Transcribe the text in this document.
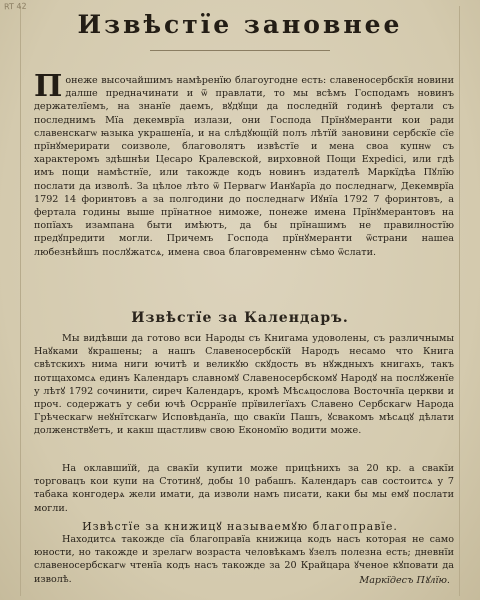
RT 42
Извѣстїе зановнее
Понеже высочайшимъ намѣренїю благоугодне есть: славеносербскїя новини далше предначинати и ѿ правлати, то мы всѣмъ Господамъ новинъ держателїемъ, на знанїе даемъ, вꙋдꙋщи да последнїй годинѣ фертали съ последнимъ Мїа декемврїа излази, они Господа Прїнꙋмеранти кои ради славенскагѡ ꙗзыка украшенїа, и на слѣдꙋющїй полъ лѣтїй зановини сербскїе сїе прїнꙋмерирати соизволе, благоволятъ извѣстїе и мена своа купнѡ съ характеромъ здѣшнѣи Цесаро Кралевской, вирховной Пощи Expedici, или гдѣ имъ пощи намѣстнїе, или такожде кодъ новинъ издателѣ Маркїдѣа Пꙋлїю послати да изволѣ. За цѣлое лѣто ѿ Первагѡ Ианꙋарїа до последнагѡ, Декемврїа 1792 14 форинтовъ а за полгодини до последнагѡ Иꙋнїа 1792 7 форинтовъ, а фертала годины выше прїнатное ниможе, понеже имена Прїнꙋмерантовъ на попїахъ изампана быти имѣютъ, да бы прїнашимъ не правилностїю предꙋпредити могли. Причемъ Господа прїнꙋмеранти ѿстрани нашеа любезнѣйшъ послꙋжатсѧ, имена своа благовременнѡ сѣмо ѿслати.
Извѣстїе за Календаръ.
Мы видѣвши да готово вси Народы съ Книгама удоволены, съ различнымы Наꙋками ꙋкрашены; а нашъ Славеносербскїй Народъ несамо что Книга свѣтскихъ нима ниги ючитѣ и великꙋю скꙋдость въ нꙋждныхъ книгахъ, такъ потщахомсѧ единъ Календаръ славномꙋ Славеносербскомꙋ Народꙋ на послꙋженїе у лѣтꙋ 1792 сочинити, сиреч Календаръ, кромѣ Мѣсѧцослова Восточнїа церкви и проч. содержатъ у себи ючѣ Осрранїе прївилегїахъ Славено Сербскагѡ Народа Грѣческагѡ неꙋнїтскагѡ Исповѣданїа, що свакїи Пашъ, ꙋсвакомъ мѣсѧцꙋ дѣлати долженствꙋетъ, и какш щастливѡ свою Економїю водити може.
На оклавшиїй, да свакїи купити може прицѣнихъ за 20 кр. а свакїи торговацъ кои купи на Стотинꙋ, добы 10 рабашъ. Календаръ сав состоитсѧ у 7 табака конгодерѧ жели имати, да изволи намъ писати, каки бы мы емꙋ послати могли.
Извѣстїе за книжицꙋ называемꙋю благоправїе.
Находитсѧ такожде сїа благоправїа книжица кодъ насъ которая не само юности, но такожде и зрелагѡ возраста человѣкамъ ꙋзелъ полезна есть; дневнїи славеносербскагѡ чтенїа кодъ насъ такожде за 20 Крайцара ꙋченое кꙋповати да изволѣ.	Маркїдесъ Пꙋлїю.
